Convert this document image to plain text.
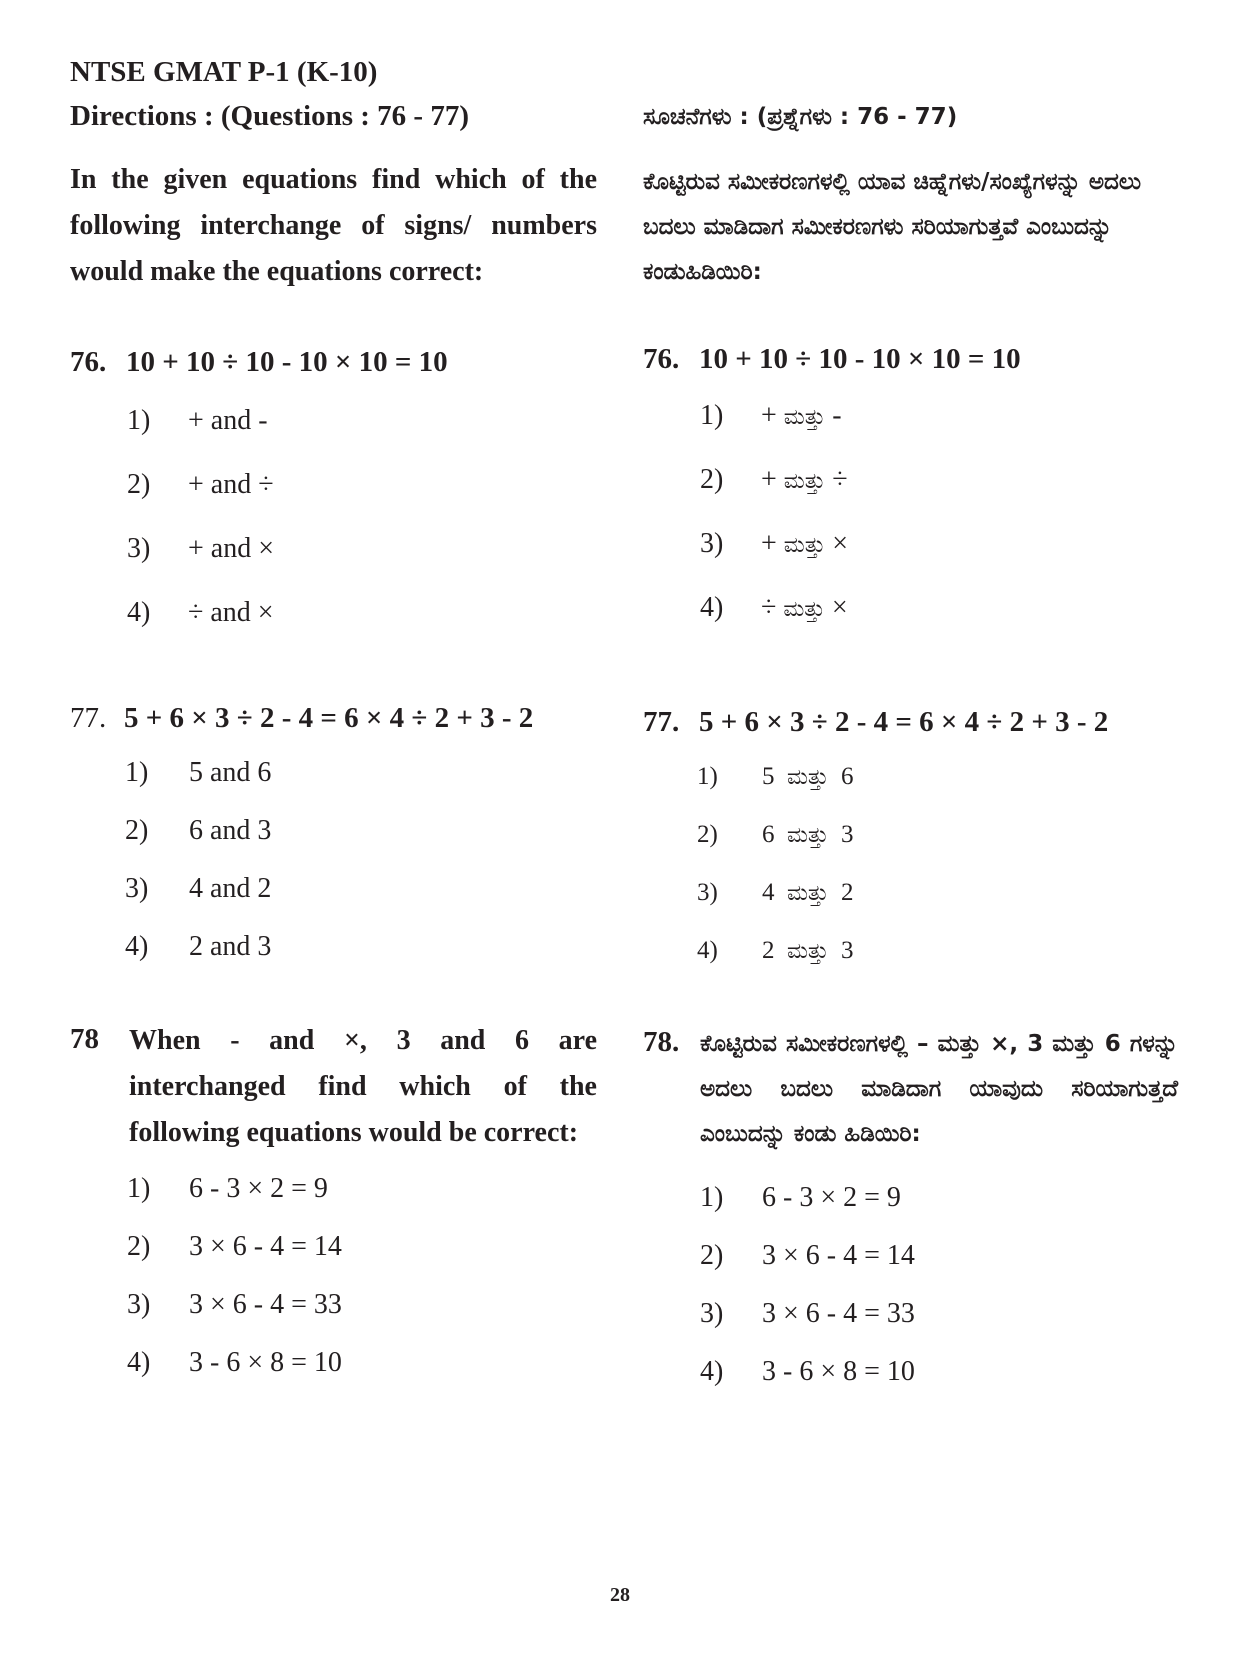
NTSE GMAT P-1 (K-10)
Directions : (Questions : 76 - 77)	ಸೂಚನೆಗಳು : (ಪ್ರಶ್ನೆಗಳು : 76 - 77)
In the given equations find which of the following interchange of signs/ numbers would make the equations correct:
ಕೊಟ್ಟಿರುವ ಸಮೀಕರಣಗಳಲ್ಲಿ ಯಾವ ಚಿಹ್ನೆಗಳು/ಸಂಖ್ಯೆಗಳನ್ನು ಅದಲು ಬದಲು ಮಾಡಿದಾಗ ಸಮೀಕರಣಗಳು ಸರಿಯಾಗುತ್ತವೆ ಎಂಬುದನ್ನು ಕಂಡುಹಿಡಿಯಿರಿ:
76. 10 + 10 ÷ 10 - 10 × 10 = 10
1) + and -
2) + and ÷
3) + and ×
4) ÷ and ×
76. 10 + 10 ÷ 10 - 10 × 10 = 10
1) + ಮತ್ತು -
2) + ಮತ್ತು ÷
3) + ಮತ್ತು ×
4) ÷ ಮತ್ತು ×
77. 5 + 6 × 3 ÷ 2 - 4 = 6 × 4 ÷ 2 + 3 - 2
1) 5 and 6
2) 6 and 3
3) 4 and 2
4) 2 and 3
77. 5 + 6 × 3 ÷ 2 - 4 = 6 × 4 ÷ 2 + 3 - 2
1) 5 ಮತ್ತು 6
2) 6 ಮತ್ತು 3
3) 4 ಮತ್ತು 2
4) 2 ಮತ್ತು 3
78 When - and ×, 3 and 6 are interchanged find which of the following equations would be correct:
1) 6 - 3 × 2 = 9
2) 3 × 6 - 4 = 14
3) 3 × 6 - 4 = 33
4) 3 - 6 × 8 = 10
78. ಕೊಟ್ಟಿರುವ ಸಮೀಕರಣಗಳಲ್ಲಿ – ಮತ್ತು ×, 3 ಮತ್ತು 6 ಗಳನ್ನು ಅದಲು ಬದಲು ಮಾಡಿದಾಗ ಯಾವುದು ಸರಿಯಾಗುತ್ತದೆ ಎಂಬುದನ್ನು ಕಂಡು ಹಿಡಿಯಿರಿ:
1) 6 - 3 × 2 = 9
2) 3 × 6 - 4 = 14
3) 3 × 6 - 4 = 33
4) 3 - 6 × 8 = 10
28
